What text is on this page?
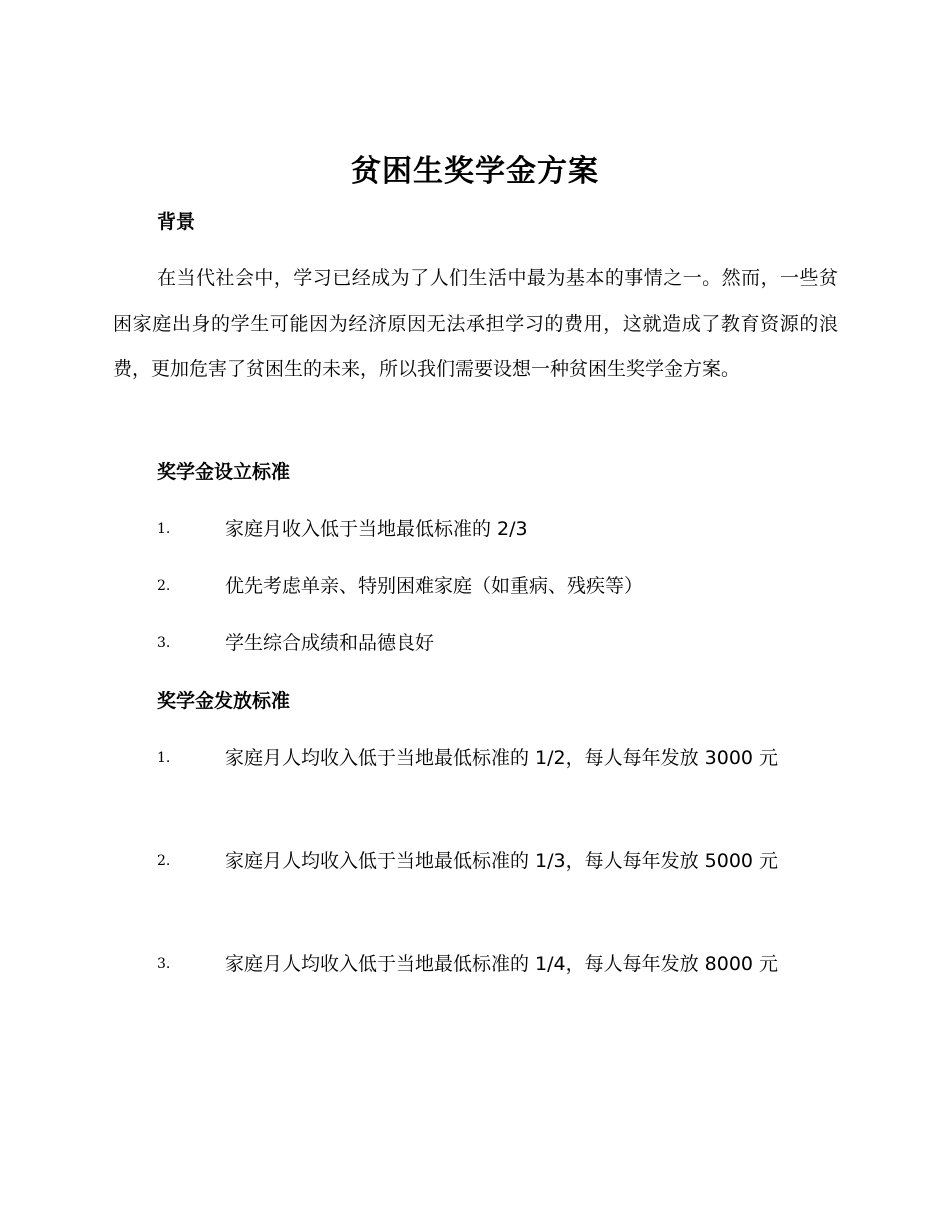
贫困生奖学金方案
背景
在当代社会中，学习已经成为了人们生活中最为基本的事情之一。然而，一些贫困家庭出身的学生可能因为经济原因无法承担学习的费用，这就造成了教育资源的浪费，更加危害了贫困生的未来，所以我们需要设想一种贫困生奖学金方案。
奖学金设立标准
1.	家庭月收入低于当地最低标准的 2/3
2.	优先考虑单亲、特别困难家庭（如重病、残疾等）
3.	学生综合成绩和品德良好
奖学金发放标准
1.	家庭月人均收入低于当地最低标准的 1/2，每人每年发放 3000 元
2.	家庭月人均收入低于当地最低标准的 1/3，每人每年发放 5000 元
3.	家庭月人均收入低于当地最低标准的 1/4，每人每年发放 8000 元
